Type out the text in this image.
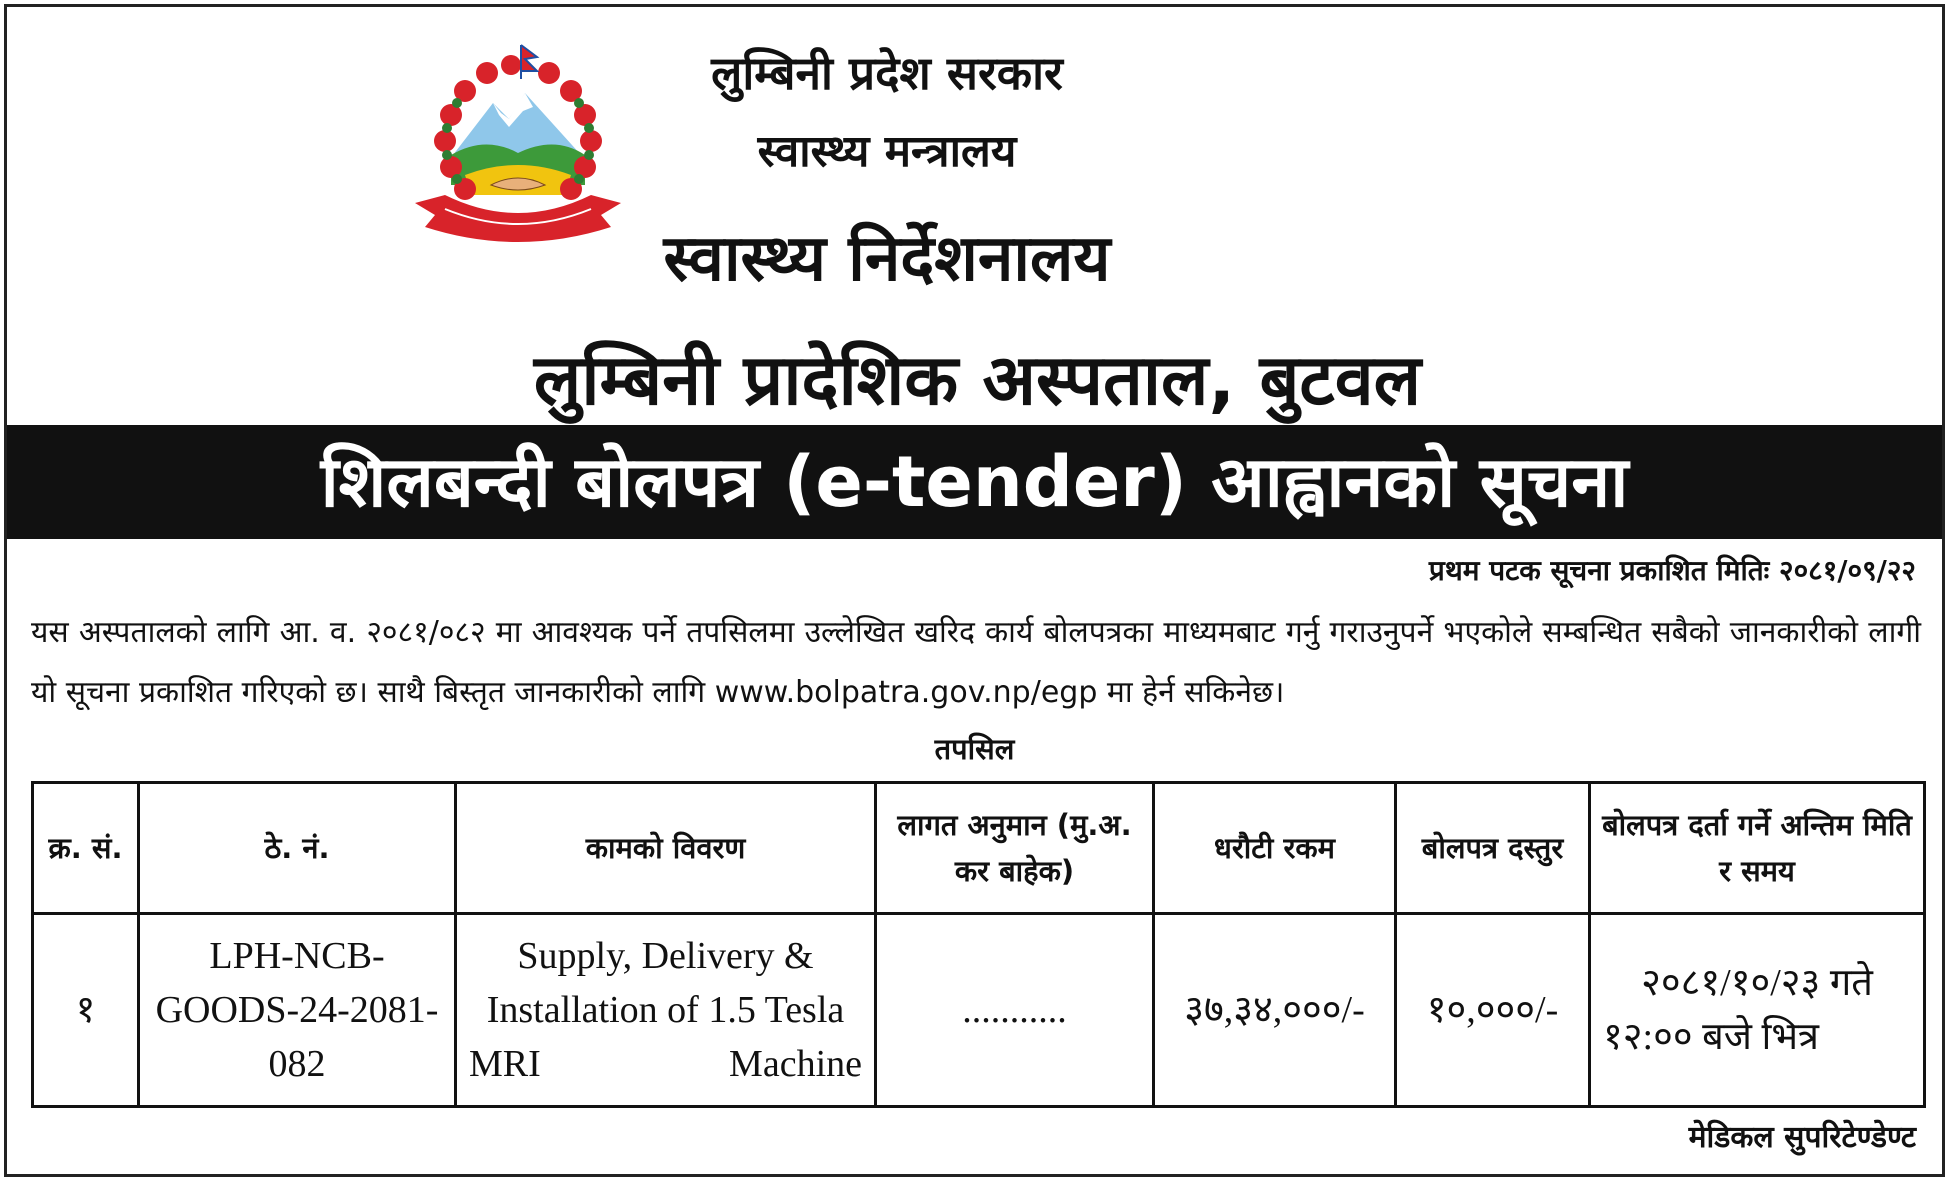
लुम्बिनी प्रदेश सरकार
स्वास्थ्य मन्त्रालय
स्वास्थ्य निर्देशनालय
लुम्बिनी प्रादेशिक अस्पताल, बुटवल
शिलबन्दी बोलपत्र (e-tender) आह्वानको सूचना
प्रथम पटक सूचना प्रकाशित मितिः २०८१/०९/२२
यस अस्पतालको लागि आ. व. २०८१/०८२ मा आवश्यक पर्ने तपसिलमा उल्लेखित खरिद कार्य बोलपत्रका माध्यमबाट गर्नु गराउनुपर्ने भएकोले सम्बन्धित सबैको जानकारीको लागी यो सूचना प्रकाशित गरिएको छ। साथै बिस्तृत जानकारीको लागि www.bolpatra.gov.np/egp मा हेर्न सकिनेछ।
तपसिल
क्र. सं.	ठे. नं.	कामको विवरण	लागत अनुमान (मु.अ. कर बाहेक)	धरौटी रकम	बोलपत्र दस्तुर	बोलपत्र दर्ता गर्ने अन्तिम मिति र समय
१	LPH-NCB-GOODS-24-2081-082	Supply, Delivery & Installation of 1.5 Tesla MRI Machine	...........	३७,३४,०००/-	१०,०००/-	२०८१/१०/२३ गते १२:०० बजे भित्र
मेडिकल सुपरिटेण्डेण्ट
